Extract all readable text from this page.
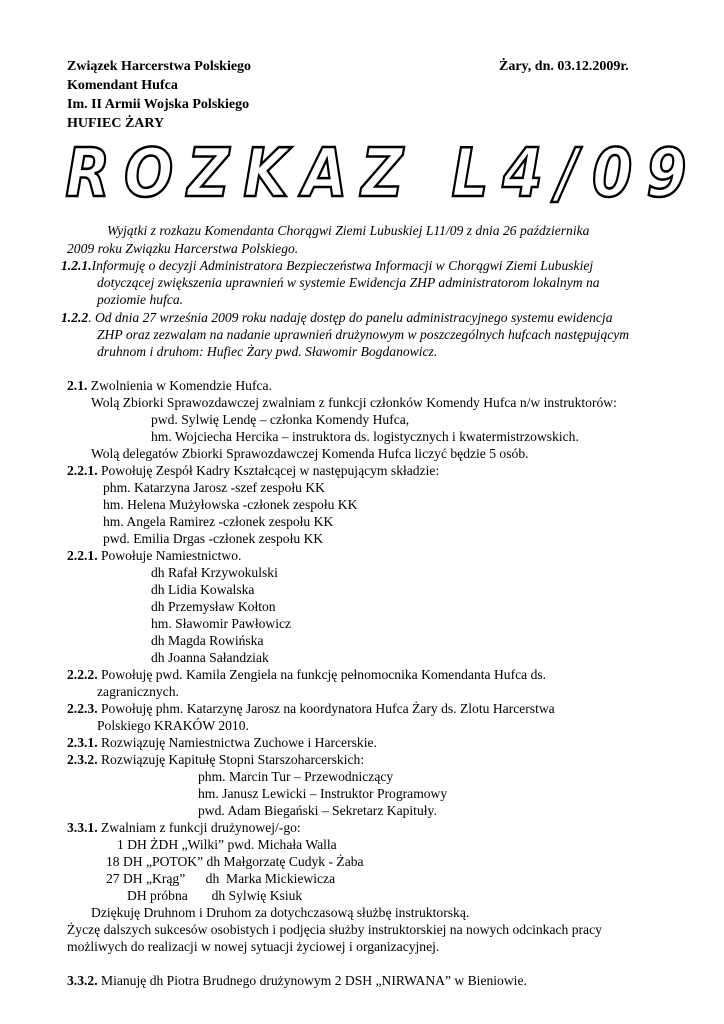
Związek Harcerstwa Polskiego
Komendant Hufca
Im. II Armii Wojska Polskiego
HUFIEC ŻARY
Żary, dn. 03.12.2009r.
ROZKAZ L4/09
Wyjątki z rozkazu Komendanta Chorągwi Ziemi Lubuskiej L11/09 z dnia 26 października
2009 roku Związku Harcerstwa Polskiego.
1.2.1.Informuję o decyzji Administratora Bezpieczeństwa Informacji w Chorągwi Ziemi Lubuskiej
dotyczącej zwiększenia uprawnień w systemie Ewidencja ZHP administratorom lokalnym na
poziomie hufca.
1.2.2. Od dnia 27 września 2009 roku nadaję dostęp do panelu administracyjnego systemu ewidencja
ZHP oraz zezwalam na nadanie uprawnień drużynowym w poszczególnych hufcach następującym
druhnom i druhom: Hufiec Żary pwd. Sławomir Bogdanowicz.
2.1. Zwolnienia w Komendzie Hufca.
Wolą Zbiorki Sprawozdawczej zwalniam z funkcji członków Komendy Hufca n/w instruktorów:
pwd. Sylwię Lendę – członka Komendy Hufca,
hm. Wojciecha Hercika – instruktora ds. logistycznych i kwatermistrzowskich.
Wolą delegatów Zbiorki Sprawozdawczej Komenda Hufca liczyć będzie 5 osób.
2.2.1. Powołuję Zespół Kadry Kształcącej w następującym składzie:
phm. Katarzyna Jarosz -szef zespołu KK
hm. Helena Mużyłowska -członek zespołu KK
hm. Angela Ramirez -członek zespołu KK
pwd. Emilia Drgas -członek zespołu KK
2.2.1. Powołuje Namiestnictwo.
dh Rafał Krzywokulski
dh Lidia Kowalska
dh Przemysław Kołton
hm. Sławomir Pawłowicz
dh Magda Rowińska
dh Joanna Sałandziak
2.2.2. Powołuję pwd. Kamila Zengiela na funkcję pełnomocnika Komendanta Hufca ds.
zagranicznych.
2.2.3. Powołuję phm. Katarzynę Jarosz na koordynatora Hufca Żary ds. Zlotu Harcerstwa
Polskiego KRAKÓW 2010.
2.3.1. Rozwiązuję Namiestnictwa Zuchowe i Harcerskie.
2.3.2. Rozwiązuję Kapitułę Stopni Starszoharcerskich:
phm. Marcin Tur – Przewodniczący
hm. Janusz Lewicki – Instruktor Programowy
pwd. Adam Biegański – Sekretarz Kapituły.
3.3.1. Zwalniam z funkcji drużynowej/-go:
1 DH ŻDH „Wilki” pwd. Michała Walla
18 DH „POTOK” dh Małgorzatę Cudyk - Żaba
27 DH „Krąg”      dh  Marka Mickiewicza
DH próbna       dh Sylwię Ksiuk
Dziękuję Druhnom i Druhom za dotychczasową służbę instruktorską.
Życzę dalszych sukcesów osobistych i podjęcia służby instruktorskiej na nowych odcinkach pracy
możliwych do realizacji w nowej sytuacji życiowej i organizacyjnej.
3.3.2. Mianuję dh Piotra Brudnego drużynowym 2 DSH „NIRWANA” w Bieniowie.
